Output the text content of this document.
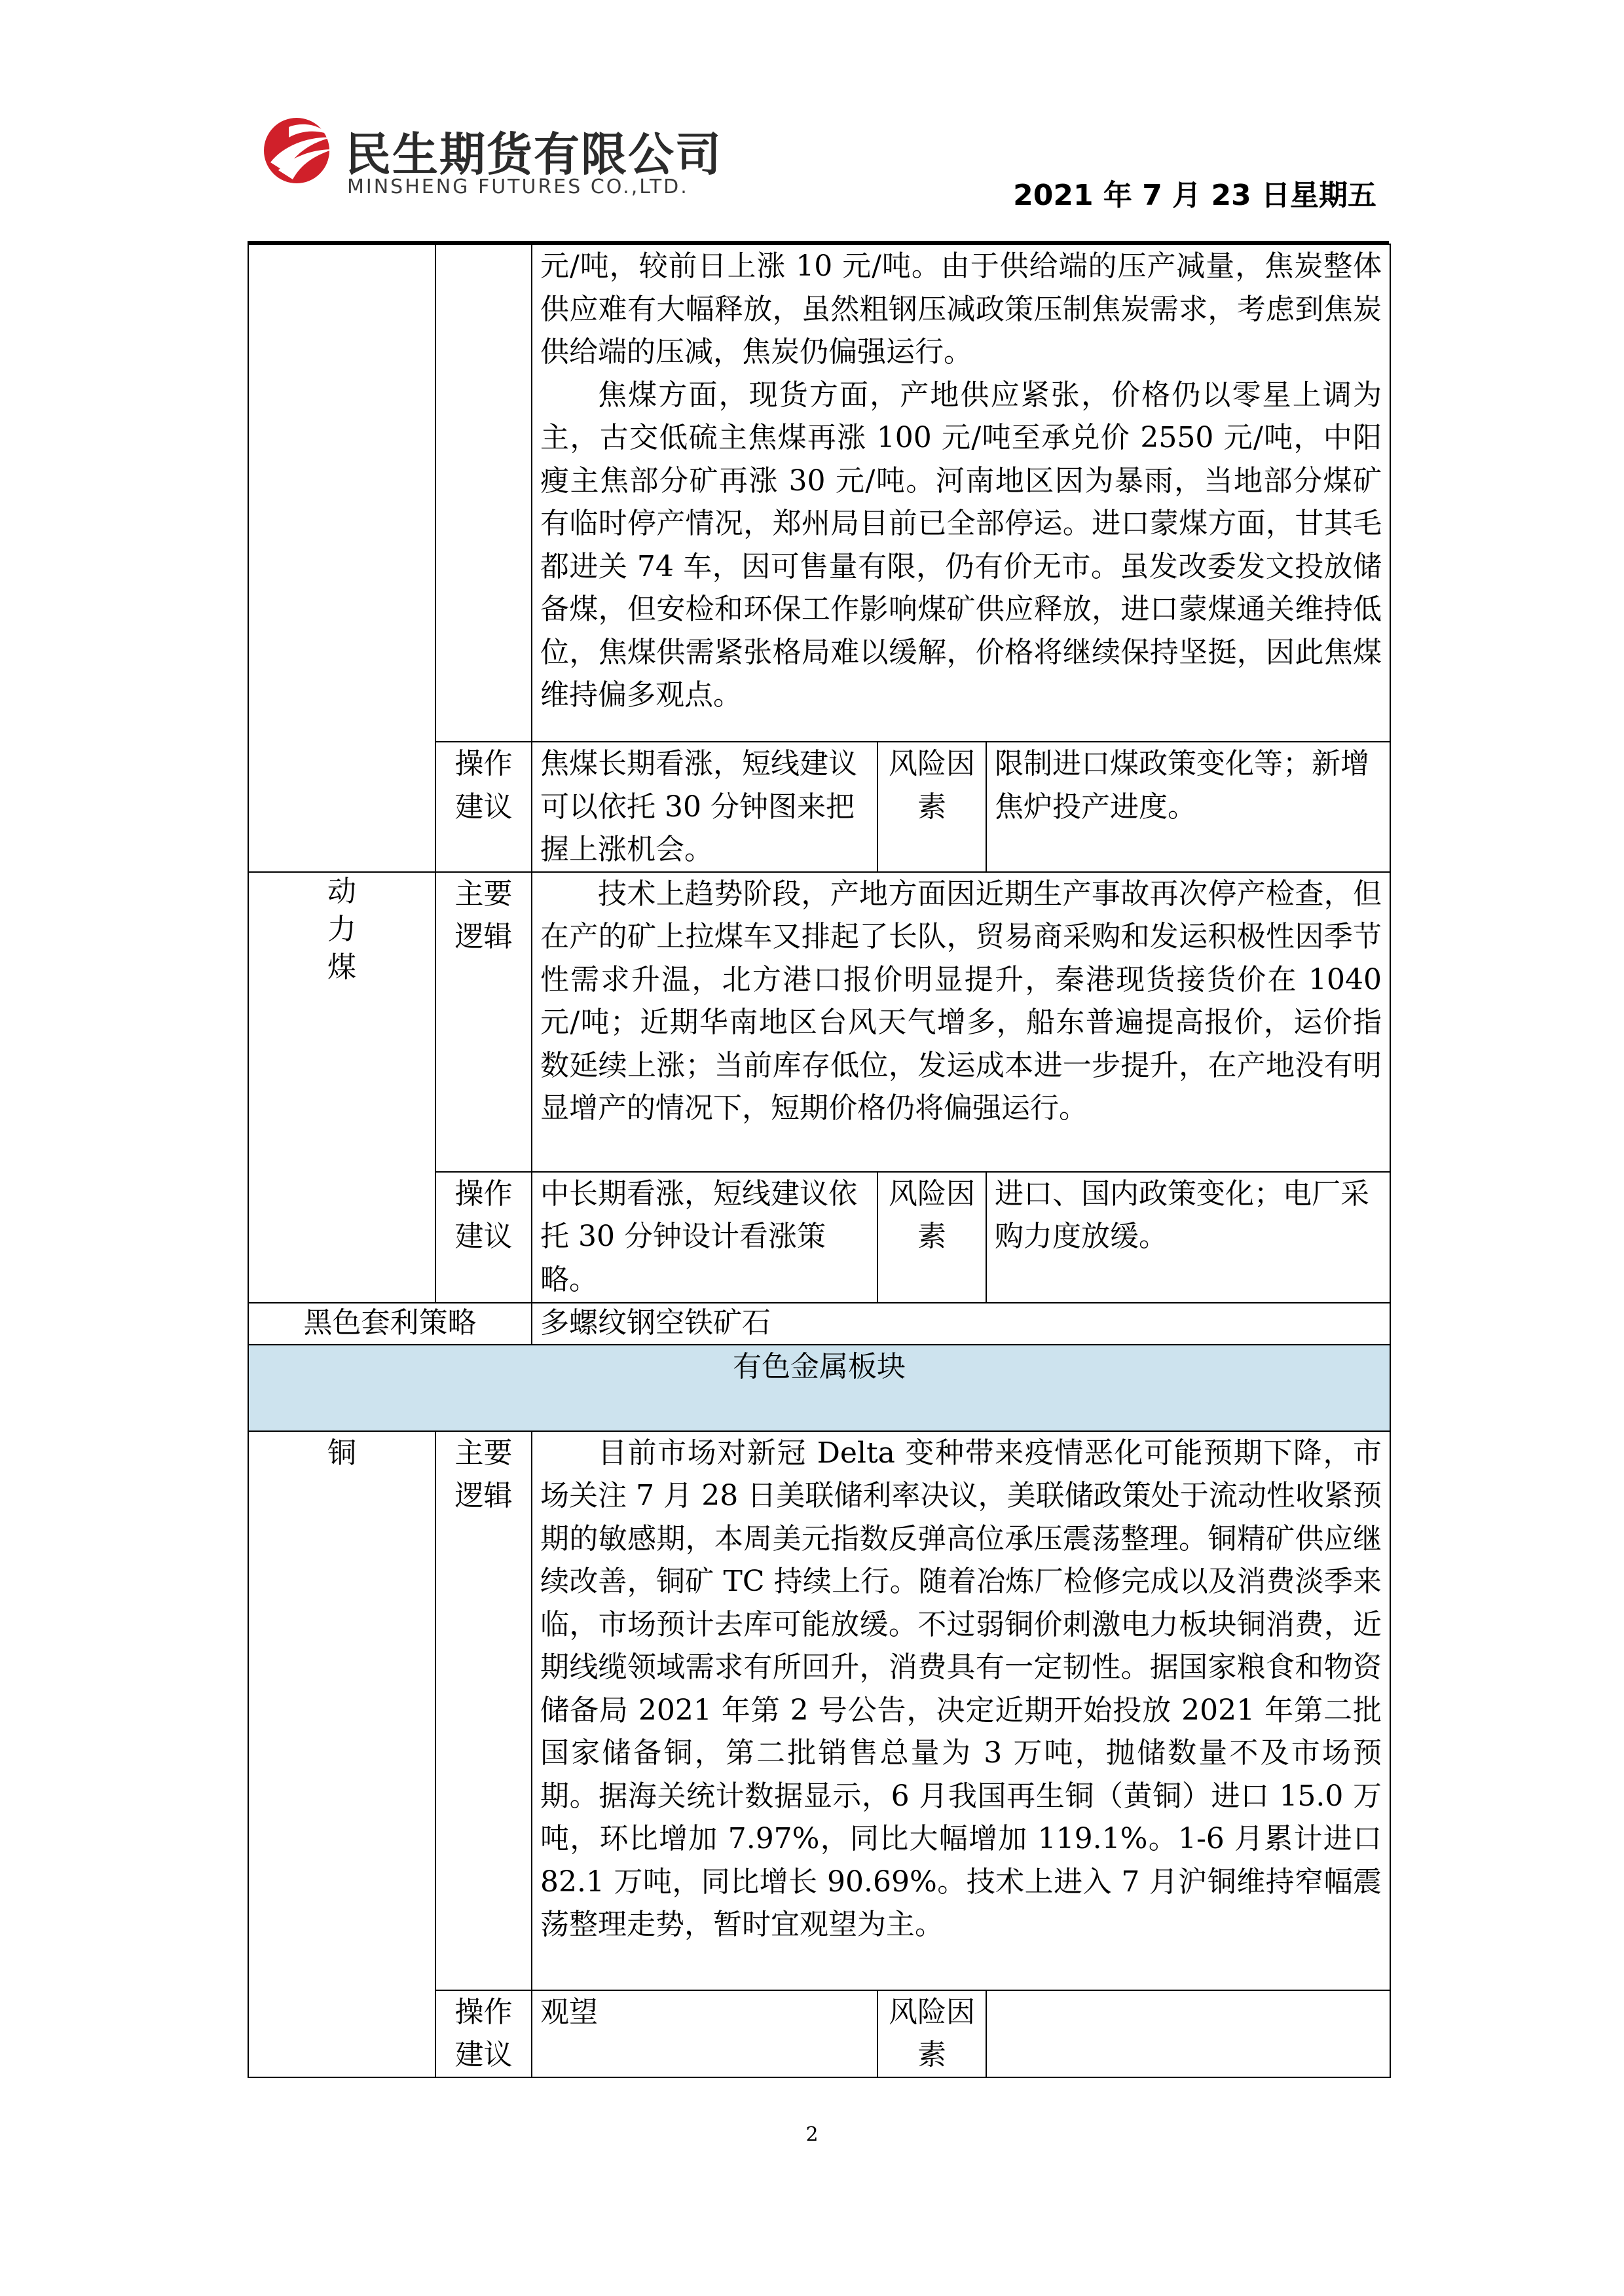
民生期货有限公司
MINSHENG FUTURES CO.,LTD.	2021 年 7 月 23 日星期五

		元/吨，较前日上涨 10 元/吨。由于供给端的压产减量，焦炭整体供应难有大幅释放，虽然粗钢压减政策压制焦炭需求，考虑到焦炭供给端的压减，焦炭仍偏强运行。

焦煤方面，现货方面，产地供应紧张，价格仍以零星上调为主，古交低硫主焦煤再涨 100 元/吨至承兑价 2550 元/吨，中阳瘦主焦部分矿再涨 30 元/吨。河南地区因为暴雨，当地部分煤矿有临时停产情况，郑州局目前已全部停运。进口蒙煤方面，甘其毛都进关 74 车，因可售量有限，仍有价无市。虽发改委发文投放储备煤，但安检和环保工作影响煤矿供应释放，进口蒙煤通关维持低位，焦煤供需紧张格局难以缓解，价格将继续保持坚挺，因此焦煤维持偏多观点。		

	操作建议	焦煤长期看涨，短线建议可以依托 30 分钟图来把握上涨机会。	风险因素	限制进口煤政策变化等；新增焦炉投产进度。
动力煤	主要逻辑	技术上趋势阶段，产地方面因近期生产事故再次停产检查，但在产的矿上拉煤车又排起了长队，贸易商采购和发运积极性因季节性需求升温，北方港口报价明显提升，秦港现货接货价在 1040 元/吨；近期华南地区台风天气增多，船东普遍提高报价，运价指数延续上涨；当前库存低位，发运成本进一步提升，在产地没有明显增产的情况下，短期价格仍将偏强运行。		

	操作建议	中长期看涨，短线建议依托 30 分钟设计看涨策略。	风险因素	进口、国内政策变化；电厂采购力度放缓。
黑色套利策略		多螺纹钢空铁矿石		
有色金属板块				
铜	主要逻辑	目前市场对新冠 Delta 变种带来疫情恶化可能预期下降，市场关注 7 月 28 日美联储利率决议，美联储政策处于流动性收紧预期的敏感期，本周美元指数反弹高位承压震荡整理。铜精矿供应继续改善，铜矿 TC 持续上行。随着冶炼厂检修完成以及消费淡季来临，市场预计去库可能放缓。不过弱铜价刺激电力板块铜消费，近期线缆领域需求有所回升，消费具有一定韧性。据国家粮食和物资储备局 2021 年第 2 号公告，决定近期开始投放 2021 年第二批国家储备铜，第二批销售总量为 3 万吨，抛储数量不及市场预期。据海关统计数据显示，6 月我国再生铜（黄铜）进口 15.0 万吨，环比增加 7.97%，同比大幅增加 119.1%。1-6 月累计进口 82.1 万吨，同比增长 90.69%。技术上进入 7 月沪铜维持窄幅震荡整理走势，暂时宜观望为主。		

	操作建议	观望	风险因素	
2
